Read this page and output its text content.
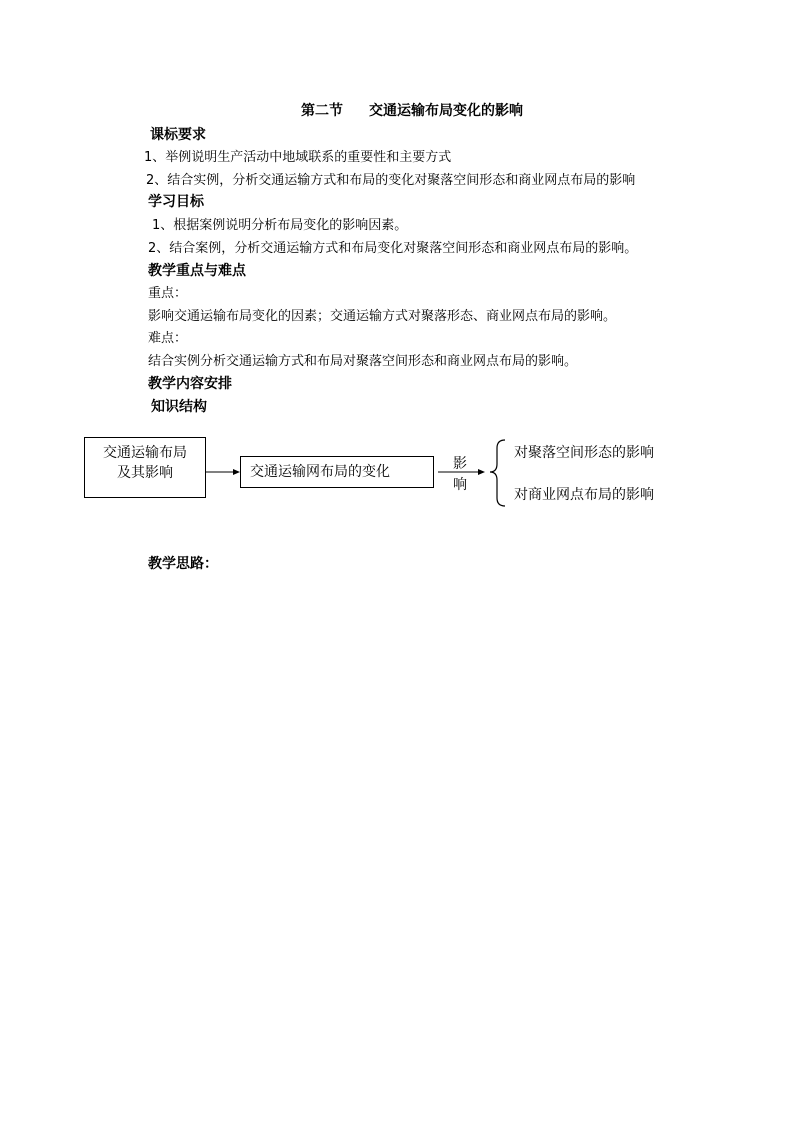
第二节 交通运输布局变化的影响
课标要求
1、举例说明生产活动中地域联系的重要性和主要方式
2、结合实例，分析交通运输方式和布局的变化对聚落空间形态和商业网点布局的影响
学习目标
1、根据案例说明分析布局变化的影响因素。
2、结合案例，分析交通运输方式和布局变化对聚落空间形态和商业网点布局的影响。
教学重点与难点
重点：
影响交通运输布局变化的因素；交通运输方式对聚落形态、商业网点布局的影响。
难点：
结合实例分析交通运输方式和布局对聚落空间形态和商业网点布局的影响。
教学内容安排
知识结构
交通运输布局
及其影响	交通运输网布局的变化	影
响
对聚落空间形态的影响
对商业网点布局的影响
教学思路：
